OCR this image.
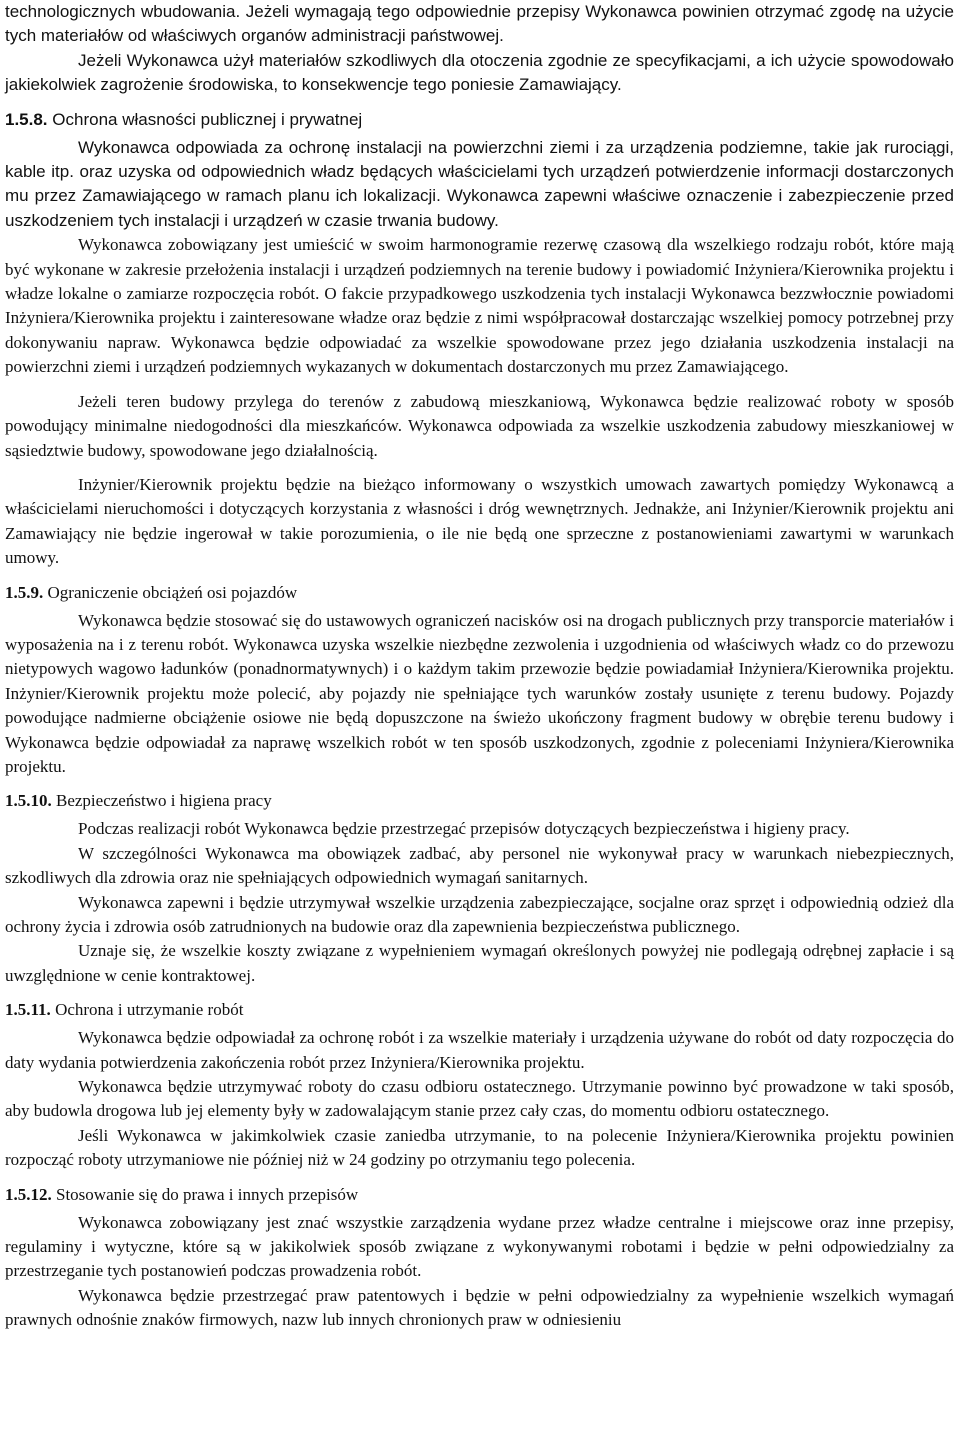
technologicznych wbudowania. Jeżeli wymagają tego odpowiednie przepisy Wykonawca powinien otrzymać zgodę na użycie tych materiałów od właściwych organów administracji państwowej.

Jeżeli Wykonawca użył materiałów szkodliwych dla otoczenia zgodnie ze specyfikacjami, a ich użycie spowodowało jakiekolwiek zagrożenie środowiska, to konsekwencje tego poniesie Zamawiający.

1.5.8. Ochrona własności publicznej i prywatnej

Wykonawca odpowiada za ochronę instalacji na powierzchni ziemi i za urządzenia podziemne, takie jak rurociągi, kable itp. oraz uzyska od odpowiednich władz będących właścicielami tych urządzeń potwierdzenie informacji dostarczonych mu przez Zamawiającego w ramach planu ich lokalizacji. Wykonawca zapewni właściwe oznaczenie i zabezpieczenie przed uszkodzeniem tych instalacji i urządzeń w czasie trwania budowy.

Wykonawca zobowiązany jest umieścić w swoim harmonogramie rezerwę czasową dla wszelkiego rodzaju robót, które mają być wykonane w zakresie przełożenia instalacji i urządzeń podziemnych na terenie budowy i powiadomić Inżyniera/Kierownika projektu i władze lokalne o zamiarze rozpoczęcia robót. O fakcie przypadkowego uszkodzenia tych instalacji Wykonawca bezzwłocznie powiadomi Inżyniera/Kierownika projektu i zainteresowane władze oraz będzie z nimi współpracował dostarczając wszelkiej pomocy potrzebnej przy dokonywaniu napraw. Wykonawca będzie odpowiadać za wszelkie spowodowane przez jego działania uszkodzenia instalacji na powierzchni ziemi i urządzeń podziemnych wykazanych w dokumentach dostarczonych mu przez Zamawiającego.

Jeżeli teren budowy przylega do terenów z zabudową mieszkaniową, Wykonawca będzie realizować roboty w sposób powodujący minimalne niedogodności dla mieszkańców. Wykonawca odpowiada za wszelkie uszkodzenia zabudowy mieszkaniowej w sąsiedztwie budowy, spowodowane jego działalnością.

Inżynier/Kierownik projektu będzie na bieżąco informowany o wszystkich umowach zawartych pomiędzy Wykonawcą a właścicielami nieruchomości i dotyczących korzystania z własności i dróg wewnętrznych. Jednakże, ani Inżynier/Kierownik projektu ani Zamawiający nie będzie ingerował w takie porozumienia, o ile nie będą one sprzeczne z postanowieniami zawartymi w warunkach umowy.

1.5.9. Ograniczenie obciążeń osi pojazdów

Wykonawca będzie stosować się do ustawowych ograniczeń nacisków osi na drogach publicznych przy transporcie materiałów i wyposażenia na i z terenu robót. Wykonawca uzyska wszelkie niezbędne zezwolenia i uzgodnienia od właściwych władz co do przewozu nietypowych wagowo ładunków (ponadnormatywnych) i o każdym takim przewozie będzie powiadamiał Inżyniera/Kierownika projektu. Inżynier/Kierownik projektu może polecić, aby pojazdy nie spełniające tych warunków zostały usunięte z terenu budowy. Pojazdy powodujące nadmierne obciążenie osiowe nie będą dopuszczone na świeżo ukończony fragment budowy w obrębie terenu budowy i Wykonawca będzie odpowiadał za naprawę wszelkich robót w ten sposób uszkodzonych, zgodnie z poleceniami Inżyniera/Kierownika projektu.

1.5.10. Bezpieczeństwo i higiena pracy

Podczas realizacji robót Wykonawca będzie przestrzegać przepisów dotyczących bezpieczeństwa i higieny pracy.

W szczególności Wykonawca ma obowiązek zadbać, aby personel nie wykonywał pracy w warunkach niebezpiecznych, szkodliwych dla zdrowia oraz nie spełniających odpowiednich wymagań sanitarnych.

Wykonawca zapewni i będzie utrzymywał wszelkie urządzenia zabezpieczające, socjalne oraz sprzęt i odpowiednią odzież dla ochrony życia i zdrowia osób zatrudnionych na budowie oraz dla zapewnienia bezpieczeństwa publicznego.

Uznaje się, że wszelkie koszty związane z wypełnieniem wymagań określonych powyżej nie podlegają odrębnej zapłacie i są uwzględnione w cenie kontraktowej.

1.5.11. Ochrona i utrzymanie robót

Wykonawca będzie odpowiadał za ochronę robót i za wszelkie materiały i urządzenia używane do robót od daty rozpoczęcia do daty wydania potwierdzenia zakończenia robót przez Inżyniera/Kierownika projektu.

Wykonawca będzie utrzymywać roboty do czasu odbioru ostatecznego. Utrzymanie powinno być prowadzone w taki sposób, aby budowla drogowa lub jej elementy były w zadowalającym stanie przez cały czas, do momentu odbioru ostatecznego.

Jeśli Wykonawca w jakimkolwiek czasie zaniedba utrzymanie, to na polecenie Inżyniera/Kierownika projektu powinien rozpocząć roboty utrzymaniowe nie później niż w 24 godziny po otrzymaniu tego polecenia.

1.5.12. Stosowanie się do prawa i innych przepisów

Wykonawca zobowiązany jest znać wszystkie zarządzenia wydane przez władze centralne i miejscowe oraz inne przepisy, regulaminy i wytyczne, które są w jakikolwiek sposób związane z wykonywanymi robotami i będzie w pełni odpowiedzialny za przestrzeganie tych postanowień podczas prowadzenia robót.

Wykonawca będzie przestrzegać praw patentowych i będzie w pełni odpowiedzialny za wypełnienie wszelkich wymagań prawnych odnośnie znaków firmowych, nazw lub innych chronionych praw w odniesieniu
